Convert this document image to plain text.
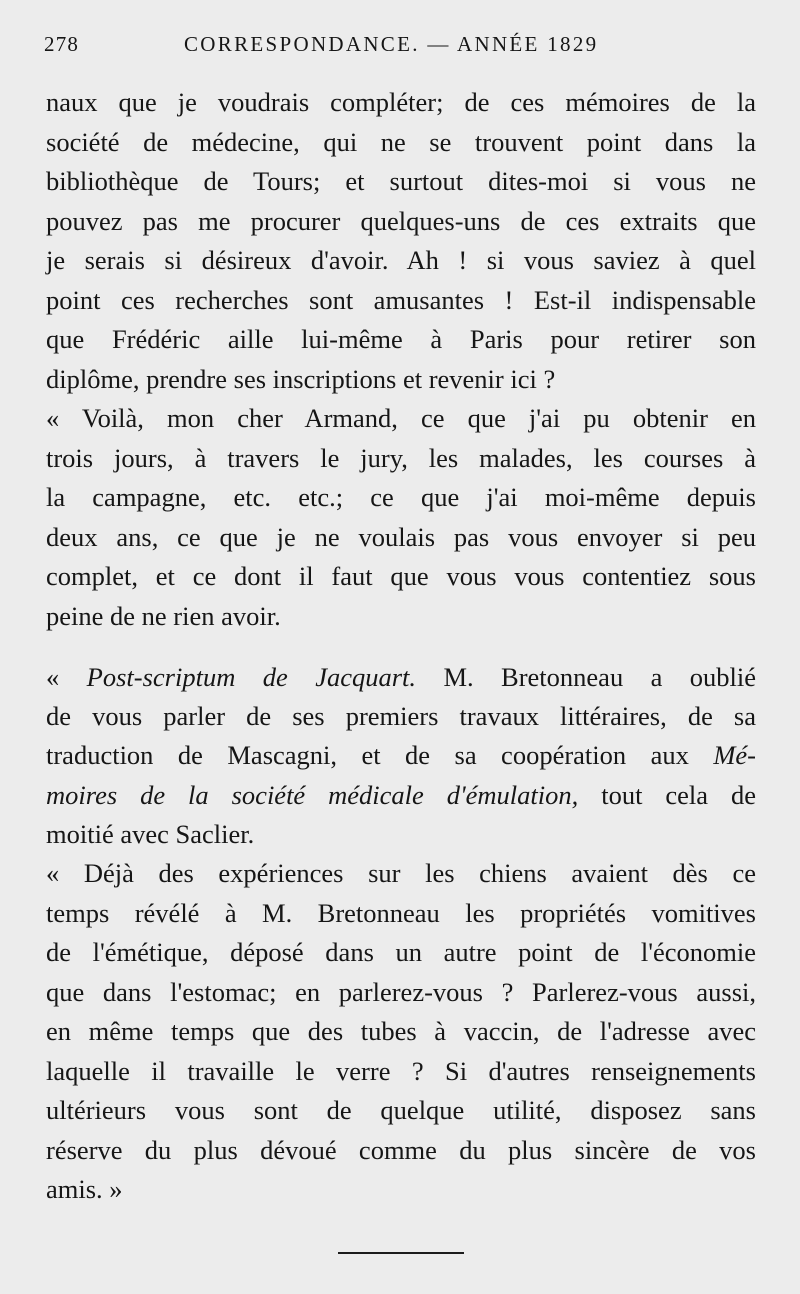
278	CORRESPONDANCE. — ANNÉE 1829
naux que je voudrais compléter; de ces mémoires de la
société de médecine, qui ne se trouvent point dans la
bibliothèque de Tours; et surtout dites-moi si vous ne
pouvez pas me procurer quelques-uns de ces extraits que
je serais si désireux d'avoir. Ah ! si vous saviez à quel
point ces recherches sont amusantes ! Est-il indispensable
que Frédéric aille lui-même à Paris pour retirer son
diplôme, prendre ses inscriptions et revenir ici ?
« Voilà, mon cher Armand, ce que j'ai pu obtenir en
trois jours, à travers le jury, les malades, les courses à
la campagne, etc. etc.; ce que j'ai moi-même depuis
deux ans, ce que je ne voulais pas vous envoyer si peu
complet, et ce dont il faut que vous vous contentiez sous
peine de ne rien avoir.
« Post-scriptum de Jacquart. M. Bretonneau a oublié
de vous parler de ses premiers travaux littéraires, de sa
traduction de Mascagni, et de sa coopération aux Mé-
moires de la société médicale d'émulation, tout cela de
moitié avec Saclier.
« Déjà des expériences sur les chiens avaient dès ce
temps révélé à M. Bretonneau les propriétés vomitives
de l'émétique, déposé dans un autre point de l'économie
que dans l'estomac; en parlerez-vous ? Parlerez-vous aussi,
en même temps que des tubes à vaccin, de l'adresse avec
laquelle il travaille le verre ? Si d'autres renseignements
ultérieurs vous sont de quelque utilité, disposez sans
réserve du plus dévoué comme du plus sincère de vos
amis. »
